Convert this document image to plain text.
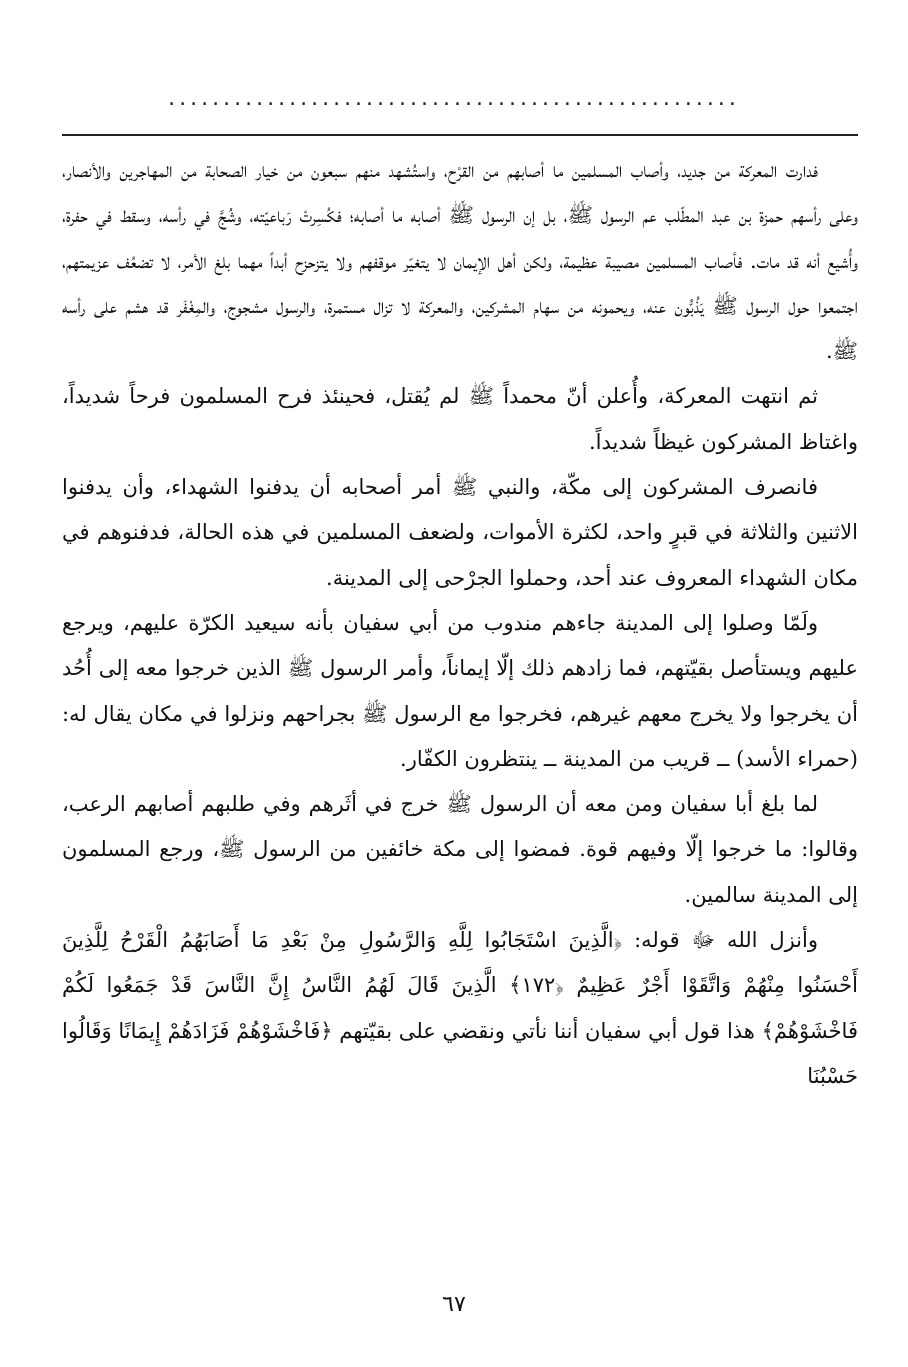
....................................................

فدارت المعركة من جديد، وأصاب المسلمين ما أصابهم من القرْح، واستُشهد منهم سبعون من خيار الصحابة من المهاجرين والأنصار، وعلى رأسهم حمزة بن عبد المطّلب عم الرسول ﷺ، بل إن الرسول ﷺ أصابه ما أصابه؛ فكُسِرتْ رَباعيّته، وشُجَّ في رأسه، وسقط في حفرة، وأُشيع أنه قد مات. فأصاب المسلمين مصيبة عظيمة، ولكن أهل الإيمان لا يتغيّر موقفهم ولا يتزحزح أبداً مهما بلغ الأمر، لا تضعُف عزيمتهم، اجتمعوا حول الرسول ﷺ يَذُبُّون عنه، ويحمونه من سهام المشركين، والمعركة لا تزال مستمرة، والرسول مشجوج، والمِغْفَر قد هشم على رأسه ﷺ.

ثم انتهت المعركة، وأُعلن أنّ محمداً ﷺ لم يُقتل، فحينئذ فرح المسلمون فرحاً شديداً، واغتاظ المشركون غيظاً شديداً.

فانصرف المشركون إلى مكّة، والنبي ﷺ أمر أصحابه أن يدفنوا الشهداء، وأن يدفنوا الاثنين والثلاثة في قبرٍ واحد، لكثرة الأموات، ولضعف المسلمين في هذه الحالة، فدفنوهم في مكان الشهداء المعروف عند أحد، وحملوا الجرْحى إلى المدينة.

ولَمّا وصلوا إلى المدينة جاءهم مندوب من أبي سفيان بأنه سيعيد الكرّة عليهم، ويرجع عليهم ويستأصل بقيّتهم، فما زادهم ذلك إلّا إيماناً، وأمر الرسول ﷺ الذين خرجوا معه إلى أُحُد أن يخرجوا ولا يخرج معهم غيرهم، فخرجوا مع الرسول ﷺ بجراحهم ونزلوا في مكان يقال له: (حمراء الأسد) ــ قريب من المدينة ــ ينتظرون الكفّار.

لما بلغ أبا سفيان ومن معه أن الرسول ﷺ خرج في أثَرهم وفي طلبهم أصابهم الرعب، وقالوا: ما خرجوا إلّا وفيهم قوة. فمضوا إلى مكة خائفين من الرسول ﷺ، ورجع المسلمون إلى المدينة سالمين.

وأنزل الله ﷻ قوله: ﴿الَّذِينَ اسْتَجَابُوا لِلَّهِ وَالرَّسُولِ مِنْ بَعْدِ مَا أَصَابَهُمُ الْقَرْحُ لِلَّذِينَ أَحْسَنُوا مِنْهُمْ وَاتَّقَوْا أَجْرٌ عَظِيمٌ ﴿١٧٢﴾ الَّذِينَ قَالَ لَهُمُ النَّاسُ إِنَّ النَّاسَ قَدْ جَمَعُوا لَكُمْ فَاخْشَوْهُمْ﴾ هذا قول أبي سفيان أننا نأتي ونقضي على بقيّتهم ﴿فَاخْشَوْهُمْ فَزَادَهُمْ إِيمَانًا وَقَالُوا حَسْبُنَا

٦٧
